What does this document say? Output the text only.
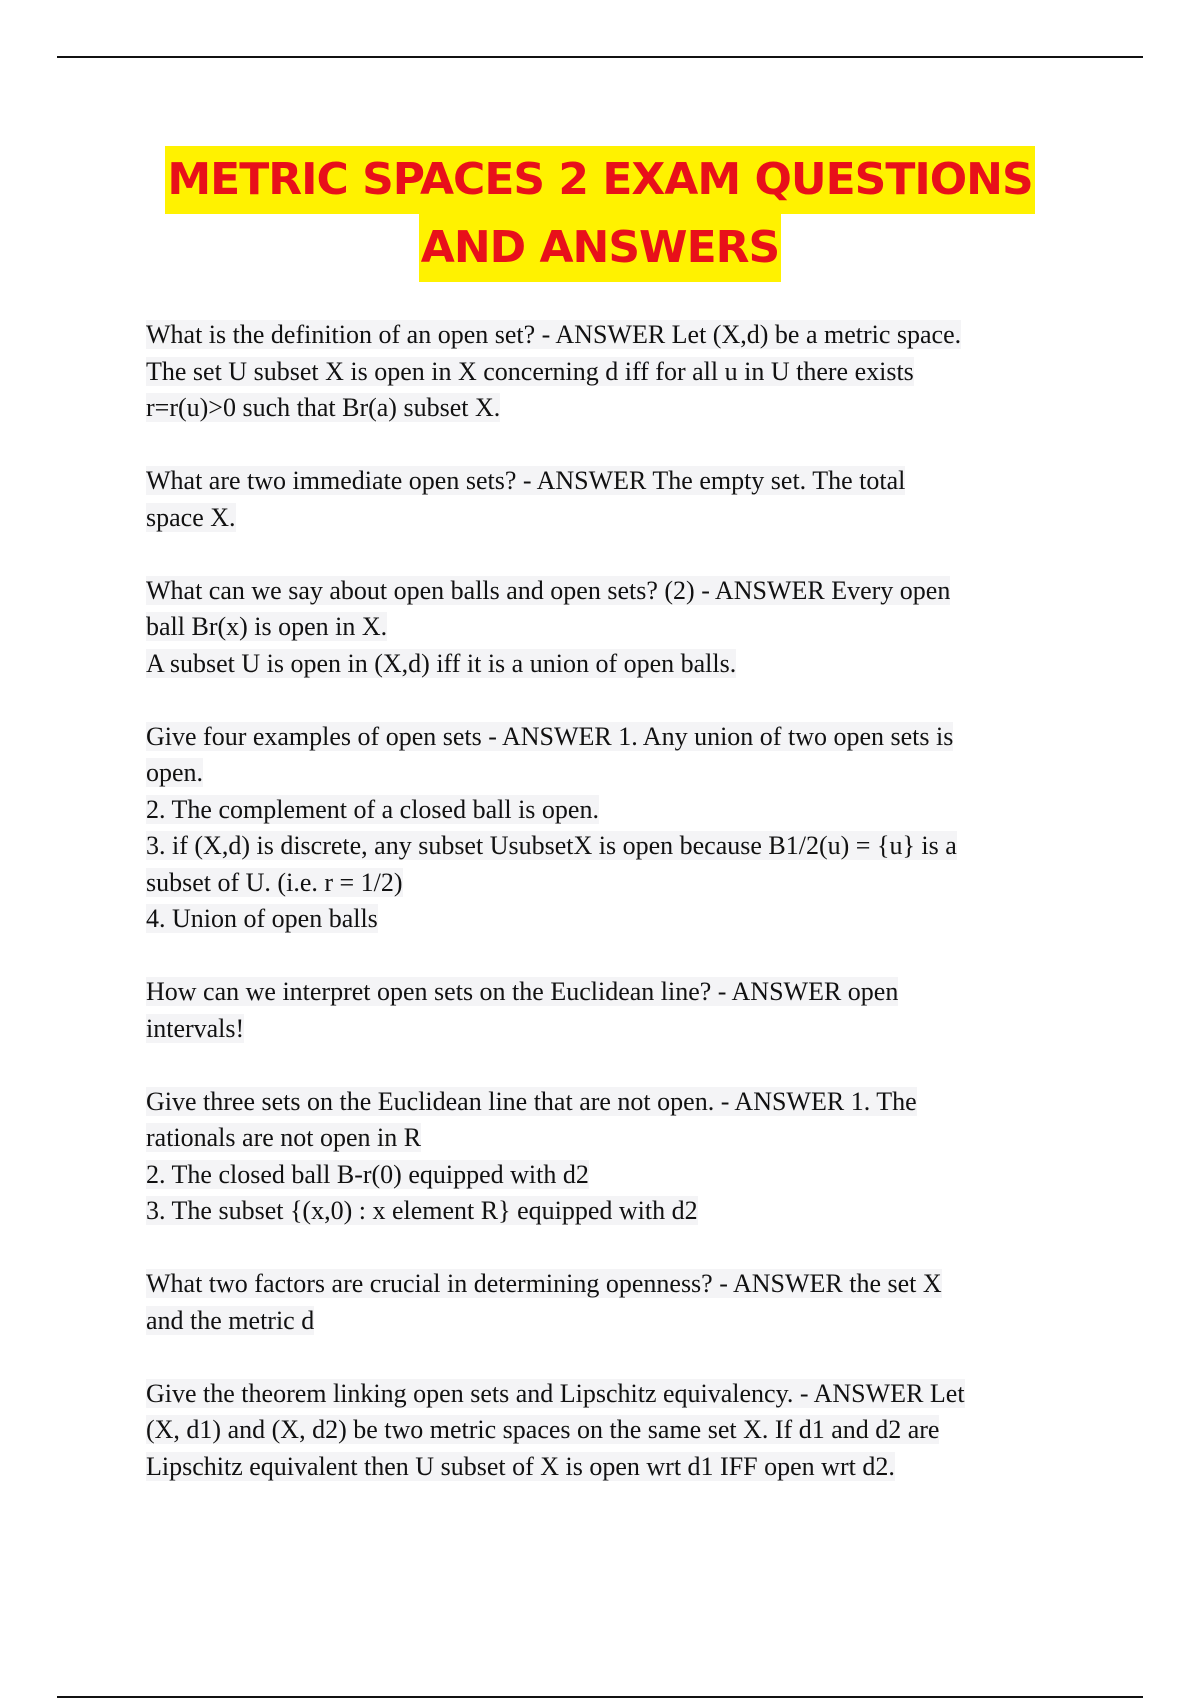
METRIC SPACES 2 EXAM QUESTIONS
AND ANSWERS
What is the definition of an open set? - ANSWER Let (X,d) be a metric space.
The set U subset X is open in X concerning d iff for all u in U there exists
r=r(u)>0 such that Br(a) subset X.
What are two immediate open sets? - ANSWER The empty set. The total
space X.
What can we say about open balls and open sets? (2) - ANSWER Every open
ball Br(x) is open in X.
A subset U is open in (X,d) iff it is a union of open balls.
Give four examples of open sets - ANSWER 1. Any union of two open sets is
open.
2. The complement of a closed ball is open.
3. if (X,d) is discrete, any subset UsubsetX is open because B1/2(u) = {u} is a
subset of U. (i.e. r = 1/2)
4. Union of open balls
How can we interpret open sets on the Euclidean line? - ANSWER open
intervals!
Give three sets on the Euclidean line that are not open. - ANSWER 1. The
rationals are not open in R
2. The closed ball B-r(0) equipped with d2
3. The subset {(x,0) : x element R} equipped with d2
What two factors are crucial in determining openness? - ANSWER the set X
and the metric d
Give the theorem linking open sets and Lipschitz equivalency. - ANSWER Let
(X, d1) and (X, d2) be two metric spaces on the same set X. If d1 and d2 are
Lipschitz equivalent then U subset of X is open wrt d1 IFF open wrt d2.
